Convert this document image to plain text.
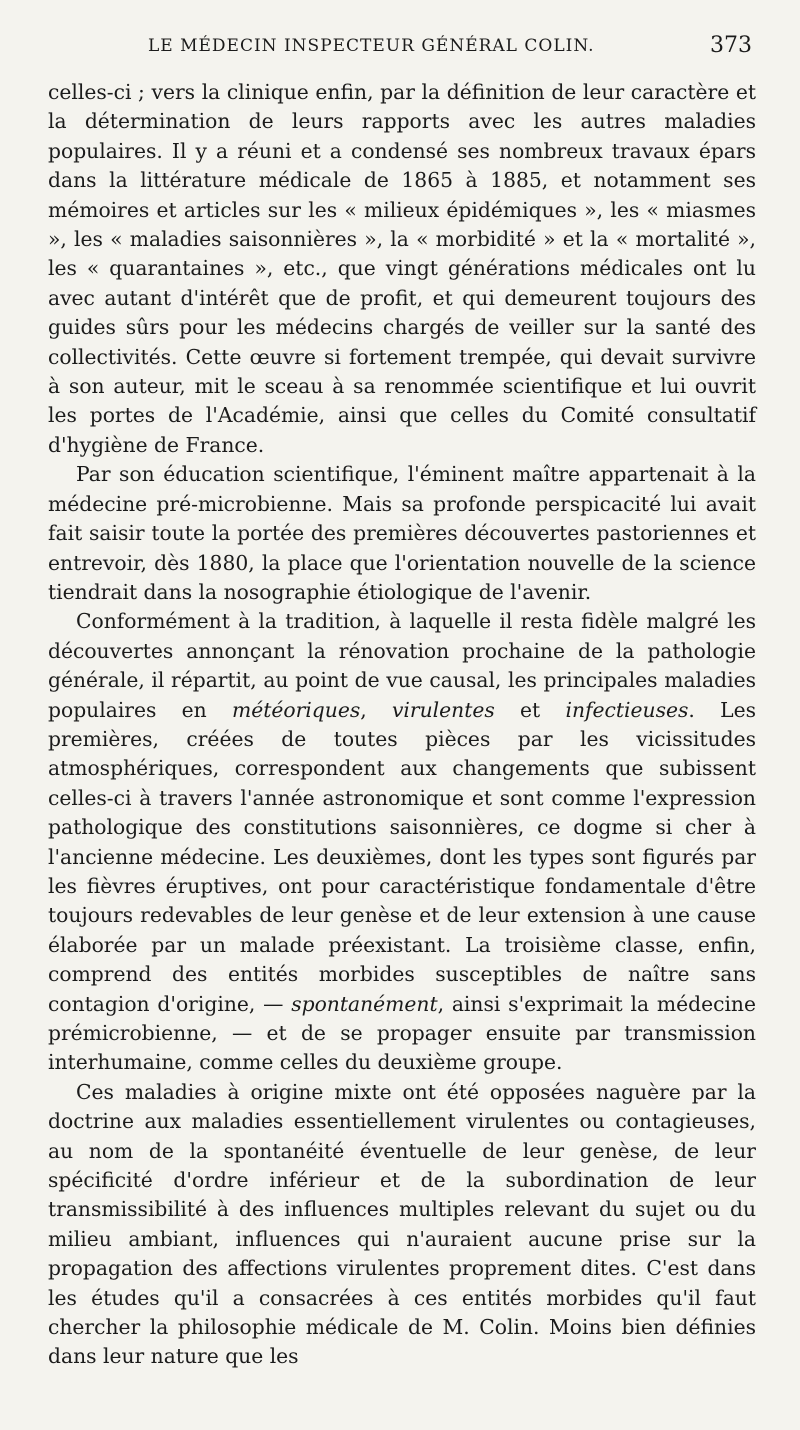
LE MÉDECIN INSPECTEUR GÉNÉRAL COLIN.	373

celles-ci ; vers la clinique enfin, par la définition de leur caractère et la détermination de leurs rapports avec les autres maladies populaires. Il y a réuni et a condensé ses nombreux travaux épars dans la littérature médicale de 1865 à 1885, et notamment ses mémoires et articles sur les « milieux épidémiques », les « miasmes », les « maladies saisonnières », la « morbidité » et la « mortalité », les « quarantaines », etc., que vingt générations médicales ont lu avec autant d'intérêt que de profit, et qui demeurent toujours des guides sûrs pour les médecins chargés de veiller sur la santé des collectivités. Cette œuvre si fortement trempée, qui devait survivre à son auteur, mit le sceau à sa renommée scientifique et lui ouvrit les portes de l'Académie, ainsi que celles du Comité consultatif d'hygiène de France.

Par son éducation scientifique, l'éminent maître appartenait à la médecine pré-microbienne. Mais sa profonde perspicacité lui avait fait saisir toute la portée des premières découvertes pastoriennes et entrevoir, dès 1880, la place que l'orientation nouvelle de la science tiendrait dans la nosographie étiologique de l'avenir.

Conformément à la tradition, à laquelle il resta fidèle malgré les découvertes annonçant la rénovation prochaine de la pathologie générale, il répartit, au point de vue causal, les principales maladies populaires en météoriques, virulentes et infectieuses. Les premières, créées de toutes pièces par les vicissitudes atmosphériques, correspondent aux changements que subissent celles-ci à travers l'année astronomique et sont comme l'expression pathologique des constitutions saisonnières, ce dogme si cher à l'ancienne médecine. Les deuxièmes, dont les types sont figurés par les fièvres éruptives, ont pour caractéristique fondamentale d'être toujours redevables de leur genèse et de leur extension à une cause élaborée par un malade préexistant. La troisième classe, enfin, comprend des entités morbides susceptibles de naître sans contagion d'origine, — spontanément, ainsi s'exprimait la médecine prémicrobienne, — et de se propager ensuite par transmission interhumaine, comme celles du deuxième groupe.

Ces maladies à origine mixte ont été opposées naguère par la doctrine aux maladies essentiellement virulentes ou contagieuses, au nom de la spontanéité éventuelle de leur genèse, de leur spécificité d'ordre inférieur et de la subordination de leur transmissibilité à des influences multiples relevant du sujet ou du milieu ambiant, influences qui n'auraient aucune prise sur la propagation des affections virulentes proprement dites. C'est dans les études qu'il a consacrées à ces entités morbides qu'il faut chercher la philosophie médicale de M. Colin. Moins bien définies dans leur nature que les
